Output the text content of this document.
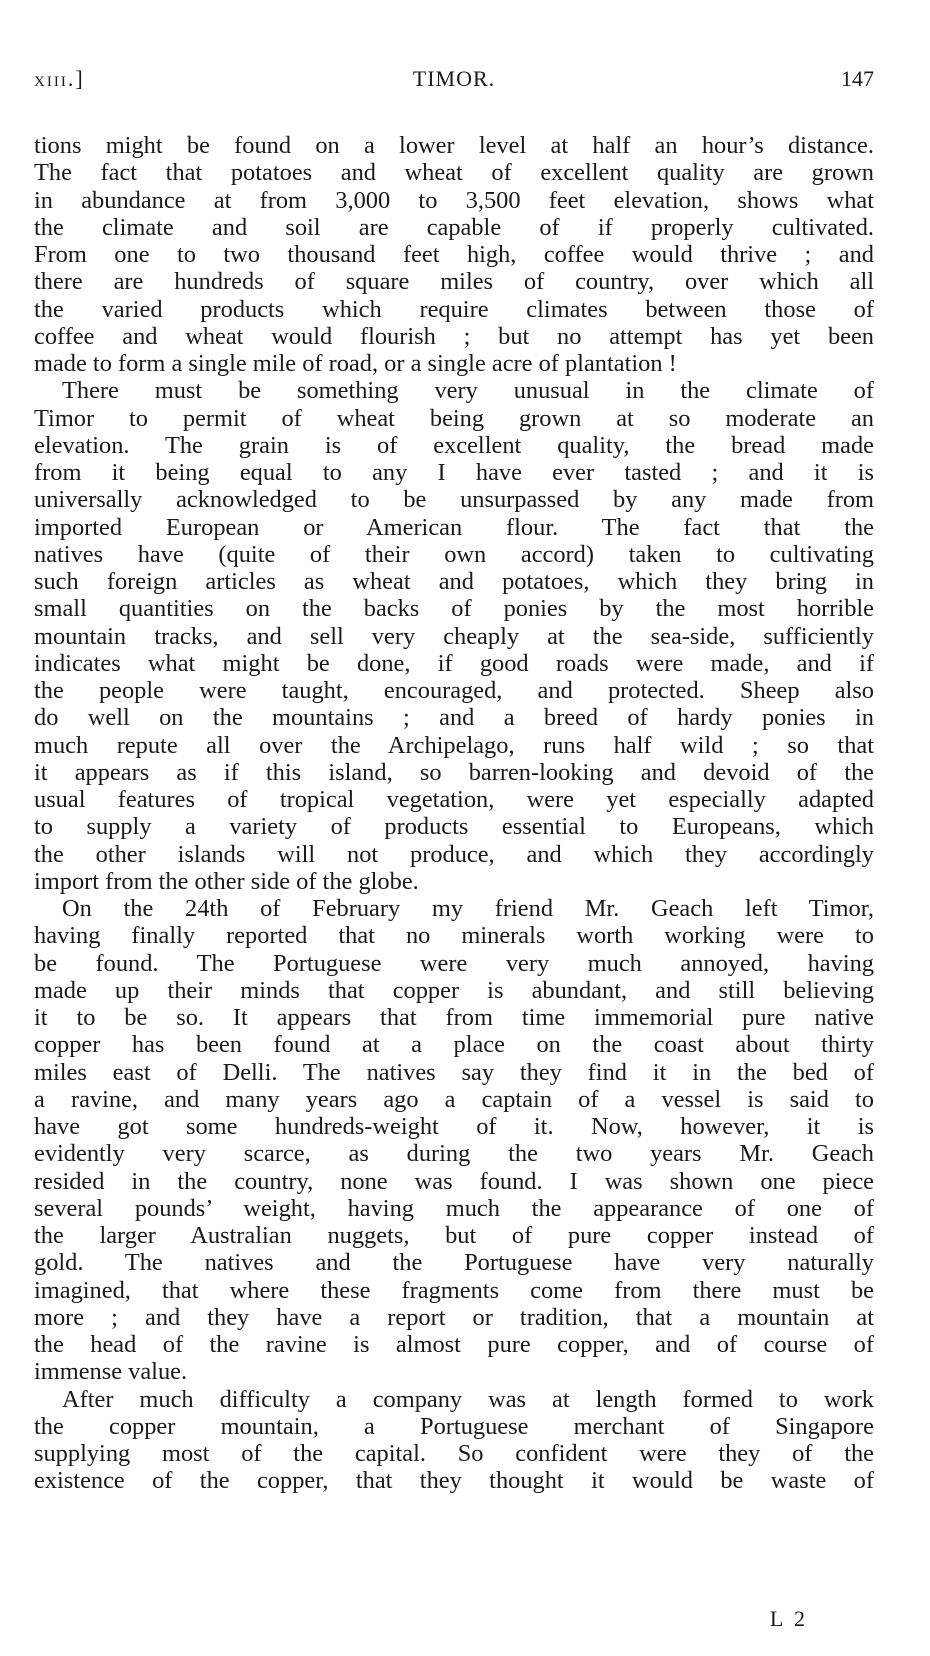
xiii.]	TIMOR.	147
tions might be found on a lower level at half an hour’s distance.
The fact that potatoes and wheat of excellent quality are grown
in abundance at from 3,000 to 3,500 feet elevation, shows what
the climate and soil are capable of if properly cultivated.
From one to two thousand feet high, coffee would thrive ; and
there are hundreds of square miles of country, over which all
the varied products which require climates between those of
coffee and wheat would flourish ; but no attempt has yet been
made to form a single mile of road, or a single acre of plantation !
There must be something very unusual in the climate of
Timor to permit of wheat being grown at so moderate an
elevation. The grain is of excellent quality, the bread made
from it being equal to any I have ever tasted ; and it is
universally acknowledged to be unsurpassed by any made from
imported European or American flour. The fact that the
natives have (quite of their own accord) taken to cultivating
such foreign articles as wheat and potatoes, which they bring in
small quantities on the backs of ponies by the most horrible
mountain tracks, and sell very cheaply at the sea-side, sufficiently
indicates what might be done, if good roads were made, and if
the people were taught, encouraged, and protected. Sheep also
do well on the mountains ; and a breed of hardy ponies in
much repute all over the Archipelago, runs half wild ; so that
it appears as if this island, so barren-looking and devoid of the
usual features of tropical vegetation, were yet especially adapted
to supply a variety of products essential to Europeans, which
the other islands will not produce, and which they accordingly
import from the other side of the globe.
On the 24th of February my friend Mr. Geach left Timor,
having finally reported that no minerals worth working were to
be found. The Portuguese were very much annoyed, having
made up their minds that copper is abundant, and still believing
it to be so. It appears that from time immemorial pure native
copper has been found at a place on the coast about thirty
miles east of Delli. The natives say they find it in the bed of
a ravine, and many years ago a captain of a vessel is said to
have got some hundreds-weight of it. Now, however, it is
evidently very scarce, as during the two years Mr. Geach
resided in the country, none was found. I was shown one piece
several pounds’ weight, having much the appearance of one of
the larger Australian nuggets, but of pure copper instead of
gold. The natives and the Portuguese have very naturally
imagined, that where these fragments come from there must be
more ; and they have a report or tradition, that a mountain at
the head of the ravine is almost pure copper, and of course of
immense value.
After much difficulty a company was at length formed to work
the copper mountain, a Portuguese merchant of Singapore
supplying most of the capital. So confident were they of the
existence of the copper, that they thought it would be waste of
L 2
